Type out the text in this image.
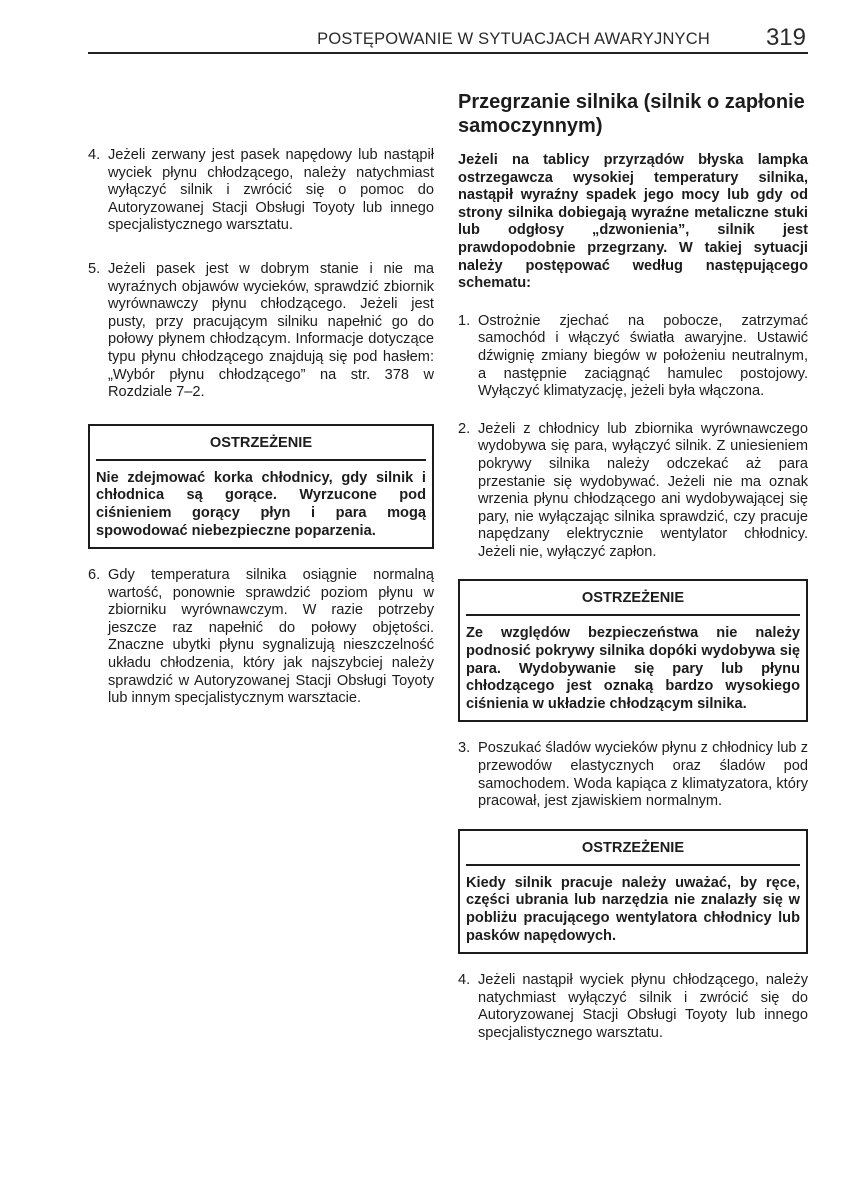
POSTĘPOWANIE W SYTUACJACH AWARYJNYCH 319
4. Jeżeli zerwany jest pasek napędowy lub nastąpił wyciek płynu chłodzącego, należy natychmiast wyłączyć silnik i zwrócić się o pomoc do Autoryzowanej Stacji Obsługi Toyoty lub innego specjalistycznego warsztatu.
5. Jeżeli pasek jest w dobrym stanie i nie ma wyraźnych objawów wycieków, sprawdzić zbiornik wyrównawczy płynu chłodzącego. Jeżeli jest pusty, przy pracującym silniku napełnić go do połowy płynem chłodzącym. Informacje dotyczące typu płynu chłodzącego znajdują się pod hasłem: „Wybór płynu chłodzącego” na str. 378 w Rozdziale 7–2.
OSTRZEŻENIE
Nie zdejmować korka chłodnicy, gdy silnik i chłodnica są gorące. Wyrzucone pod ciśnieniem gorący płyn i para mogą spowodować niebezpieczne poparzenia.
6. Gdy temperatura silnika osiągnie normalną wartość, ponownie sprawdzić poziom płynu w zbiorniku wyrównawczym. W razie potrzeby jeszcze raz napełnić do połowy objętości. Znaczne ubytki płynu sygnalizują nieszczelność układu chłodzenia, który jak najszybciej należy sprawdzić w Autoryzowanej Stacji Obsługi Toyoty lub innym specjalistycznym warsztacie.
Przegrzanie silnika (silnik o zapłonie samoczynnym)
Jeżeli na tablicy przyrządów błyska lampka ostrzegawcza wysokiej temperatury silnika, nastąpił wyraźny spadek jego mocy lub gdy od strony silnika dobiegają wyraźne metaliczne stuki lub odgłosy „dzwonienia”, silnik jest prawdopodobnie przegrzany. W takiej sytuacji należy postępować według następującego schematu:
1. Ostrożnie zjechać na pobocze, zatrzymać samochód i włączyć światła awaryjne. Ustawić dźwignię zmiany biegów w położeniu neutralnym, a następnie zaciągnąć hamulec postojowy. Wyłączyć klimatyzację, jeżeli była włączona.
2. Jeżeli z chłodnicy lub zbiornika wyrównawczego wydobywa się para, wyłączyć silnik. Z uniesieniem pokrywy silnika należy odczekać aż para przestanie się wydobywać. Jeżeli nie ma oznak wrzenia płynu chłodzącego ani wydobywającej się pary, nie wyłączając silnika sprawdzić, czy pracuje napędzany elektrycznie wentylator chłodnicy. Jeżeli nie, wyłączyć zapłon.
OSTRZEŻENIE
Ze względów bezpieczeństwa nie należy podnosić pokrywy silnika dopóki wydobywa się para. Wydobywanie się pary lub płynu chłodzącego jest oznaką bardzo wysokiego ciśnienia w układzie chłodzącym silnika.
3. Poszukać śladów wycieków płynu z chłodnicy lub z przewodów elastycznych oraz śladów pod samochodem. Woda kapiąca z klimatyzatora, który pracował, jest zjawiskiem normalnym.
OSTRZEŻENIE
Kiedy silnik pracuje należy uważać, by ręce, części ubrania lub narzędzia nie znalazły się w pobliżu pracującego wentylatora chłodnicy lub pasków napędowych.
4. Jeżeli nastąpił wyciek płynu chłodzącego, należy natychmiast wyłączyć silnik i zwrócić się do Autoryzowanej Stacji Obsługi Toyoty lub innego specjalistycznego warsztatu.
